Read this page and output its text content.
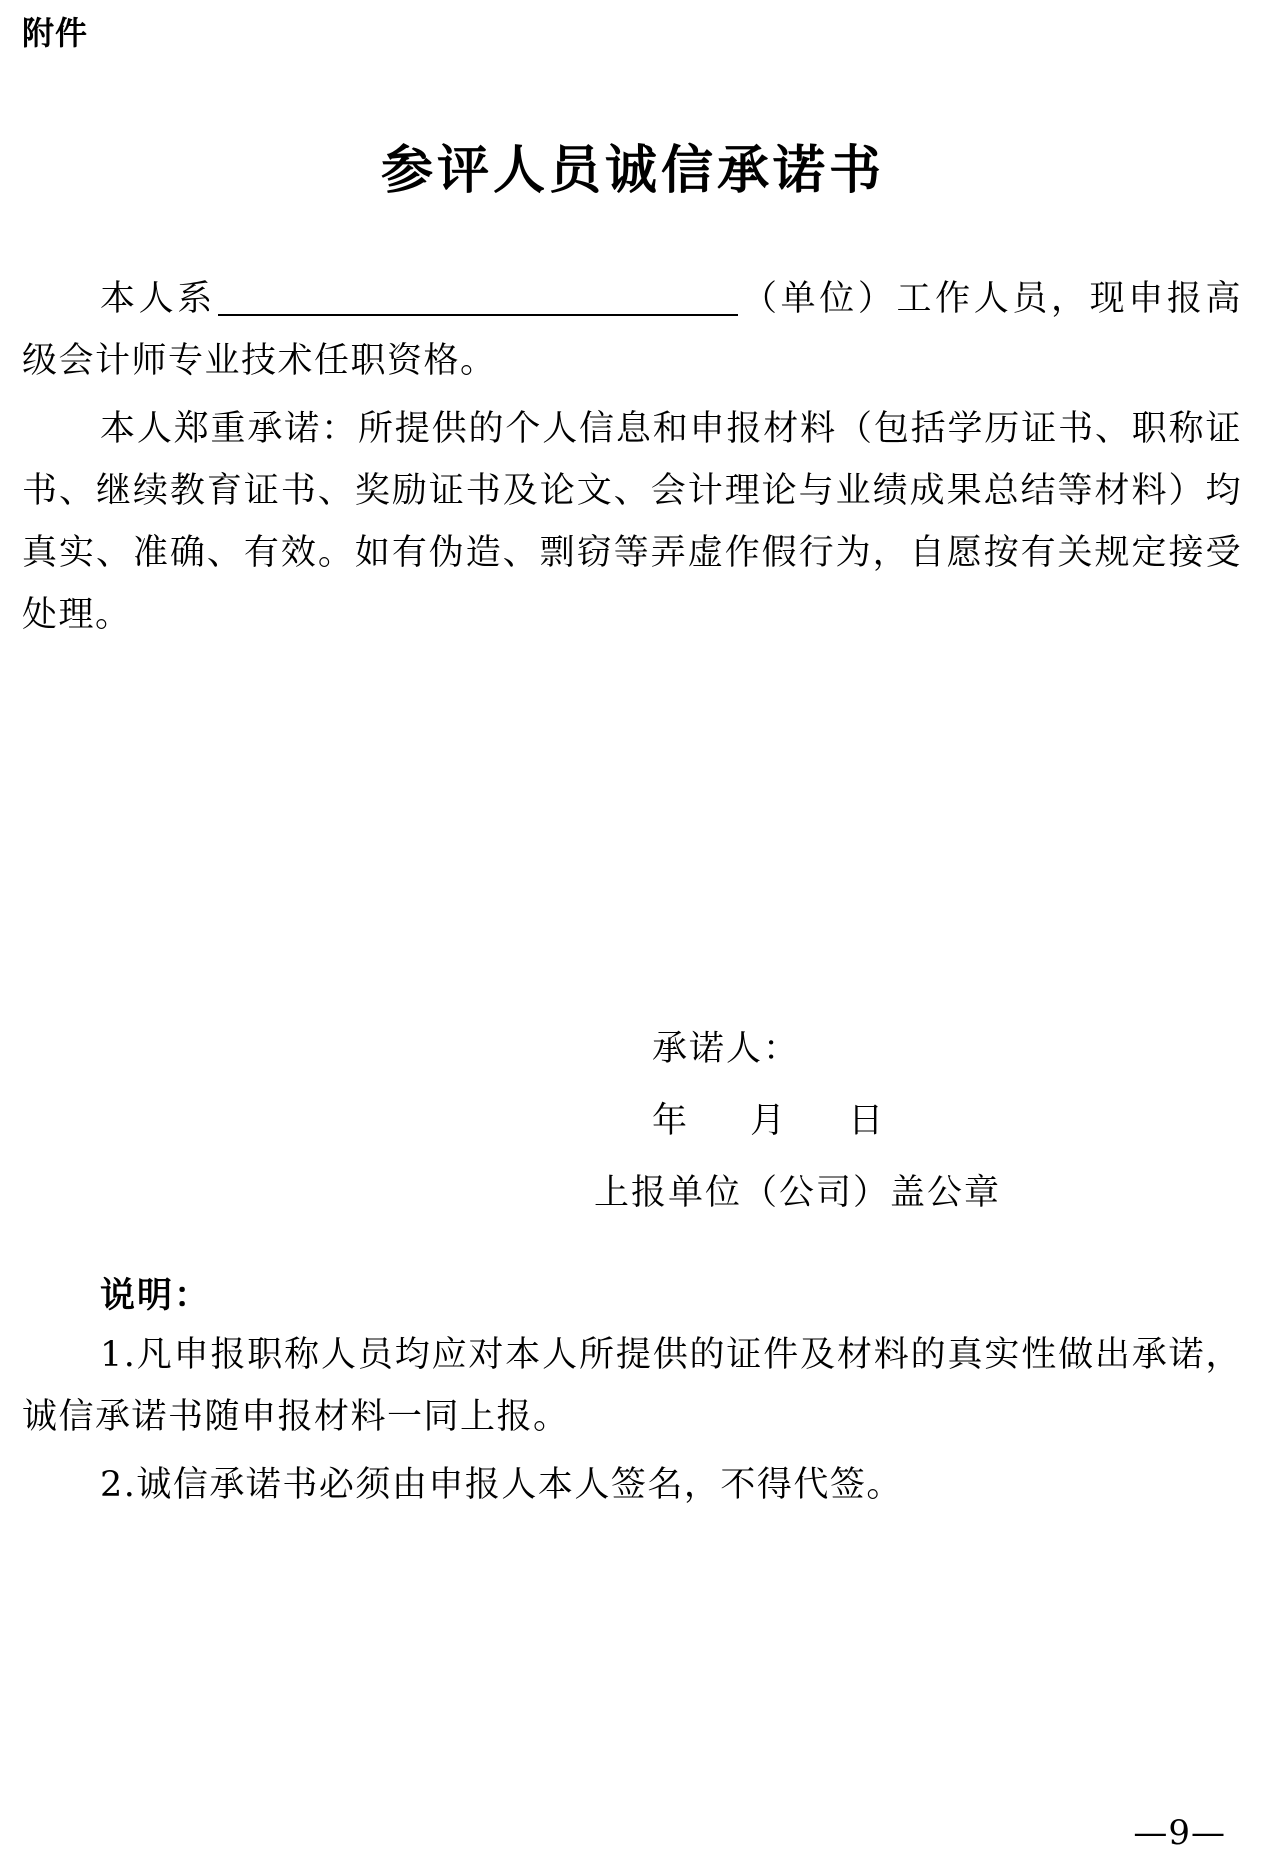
附件
参评人员诚信承诺书

本人系	（单位）工作人员，现申报高级会计师专业技术任职资格。

本人郑重承诺：所提供的个人信息和申报材料（包括学历证书、职称证书、继续教育证书、奖励证书及论文、会计理论与业绩成果总结等材料）均真实、准确、有效。如有伪造、剽窃等弄虚作假行为，自愿按有关规定接受处理。

承诺人：
年 月 日
上报单位（公司）盖公章
说明：

1.凡申报职称人员均应对本人所提供的证件及材料的真实性做出承诺，诚信承诺书随申报材料一同上报。

2.诚信承诺书必须由申报人本人签名，不得代签。

—9—
